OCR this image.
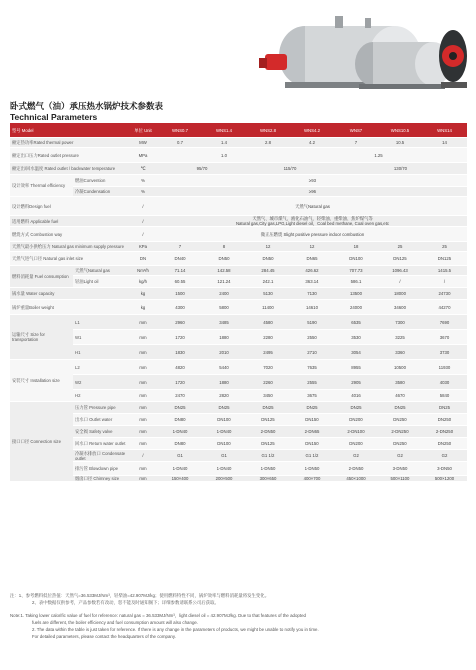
卧式燃气（油）承压热水锅炉技术参数表
Technical Parameters
型号 Model		单位 Unit	WNS0.7	WNS1.4	WNS2.8	WNS4.2	WNS7	WNS10.5	WNS14
额定热功率Rated thermal power		MW	0.7	1.4	2.8	4.2	7	10.5	14
额定出口压力Rated outlet pressure		MPa	1.0			1.25			
额定出/回水温度 Rated outlet / backwater temperature		℃	95/70		115/70		130/70		
设计效率 Thermal efficiency	燃油Convention	%	≥93						
	冷凝Condensation	%	≥96						
设计燃料Design fuel		/	天然气Natural gas						
适用燃料 Applicable fuel		/	天然气、城市煤气、液化石油气、轻柴油、重柴油、焦炉煤气等
Natural gas,City gas,LPG,Light diesel oil，Coal bed methane, Coal oven gas,etc						

燃烧方式 Combustion way		/	微正压燃烧 Slight positive pressure indoor combustion						
天然气最小供给压力 Natural gas minimum supply pressure		KPa	7	8	12	12	18	25	25
天然气进气口径 Natural gas inlet size		DN	DN40	DN50	DN50	DN65	DN100	DN125	DN125
燃料消耗量 Fuel consumption	天然气Natural gas	Nm³/h	71.14	142.58	284.45	426.62	707.73	1096.43	1415.5
	轻油Light oil	kg/h	60.55	121.24	242.1	363.14	586.1	/	/
锅水量 Water capacity		kg	1500	2400	5130	7130	13500	18000	24730
锅炉重量Boiler weight		kg	4300	5800	11400	14610	24000	34600	44270
运输尺寸 Size for transportation	L1	mm	2960	3485	4580	5190	6535	7300	7690
	W1	mm	1720	1880	2280	2550	3530	3225	3670
	H1	mm	1830	2010	2495	2710	3054	3360	3730
安装尺寸 Installation size	L2	mm	4820	5440	7020	7635	8955	10500	11930
	W2	mm	1720	1880	2260	2555	2905	3580	4030
	H2	mm	2470	2820	3450	3675	4016	4670	5840
接口口径 Connection size	压力管 Pressure pipe	mm	DN25	DN25	DN25	DN25	DN25	DN25	DN25
	出水口 Outlet water	mm	DN80	DN100	DN125	DN150	DN200	DN250	DN250
	安全阀 Safety valve	mm	1-DN40	1-DN40	2-DN50	2-DN65	2-DN100	2-DN250	2-DN250
	回水口 Return water outlet	mm	DN80	DN100	DN125	DN150	DN200	DN250	DN250
	冷凝水排放口 Condensate outlet	/	G1	G1	G1 1/2	G1 1/2	G2	G2	G2
	排污管 Blowdown pipe	mm	1-DN40	1-DN40	1-DN50	1-DN50	2-DN50	3-DN50	3-DN50
	烟囱口径 Chimney size	mm	150×400	200×500	300×650	400×700	450×1000	500×1100	500×1200

注：1、参考燃料低位热值：天然气=36.533MJ/Nm³，轻柴油=42.907MJ/kg；使用燃料特性不同，锅炉效率与燃料消耗量将发生变化。

2、表中数据仅供参考，产品参数若有改动，恕不能及时通知阁下；详细参数请联系公司后获取。

Note:1. Taking lower calorific value of fuel for reference: natural gas = 36.533MJ/Nm³，light diesel oil = 42.907MJ/kg. Due to that features of the adopted

fuels are different, the boiler efficiency and fuel consumption amount will also change.

2. The data within the table is just taken for reference. If there is any change in the parameters of products, we might be unable to notify you in time.

For detailed parameters, please contact the headquarters of the company.
